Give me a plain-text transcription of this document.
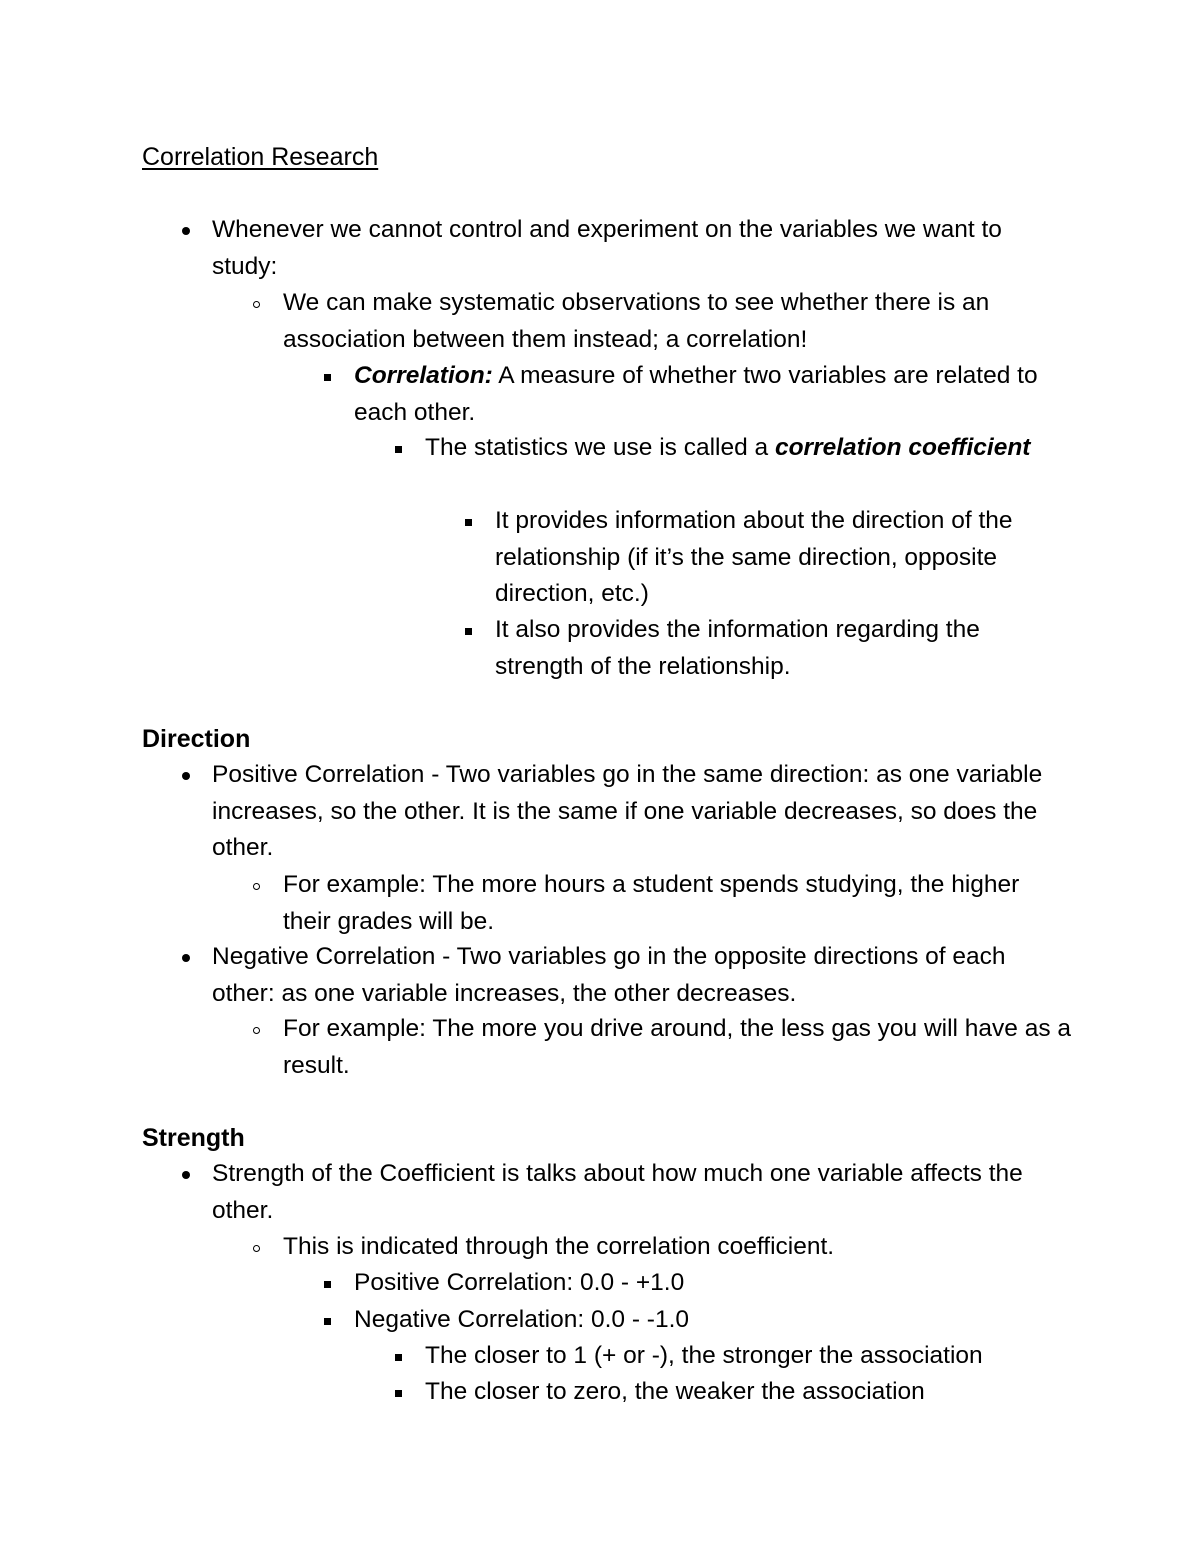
Correlation Research
Whenever we cannot control and experiment on the variables we want to study:
We can make systematic observations to see whether there is an association between them instead; a correlation!
Correlation: A measure of whether two variables are related to each other.
The statistics we use is called a correlation coefficient
It provides information about the direction of the relationship (if it’s the same direction, opposite direction, etc.)
It also provides the information regarding the strength of the relationship.
Direction
Positive Correlation - Two variables go in the same direction: as one variable increases, so the other. It is the same if one variable decreases, so does the other.
For example: The more hours a student spends studying, the higher their grades will be.
Negative Correlation - Two variables go in the opposite directions of each other: as one variable increases, the other decreases.
For example: The more you drive around, the less gas you will have as a result.
Strength
Strength of the Coefficient is talks about how much one variable affects the other.
This is indicated through the correlation coefficient.
Positive Correlation: 0.0 - +1.0
Negative Correlation: 0.0 - -1.0
The closer to 1 (+ or -), the stronger the association
The closer to zero, the weaker the association
